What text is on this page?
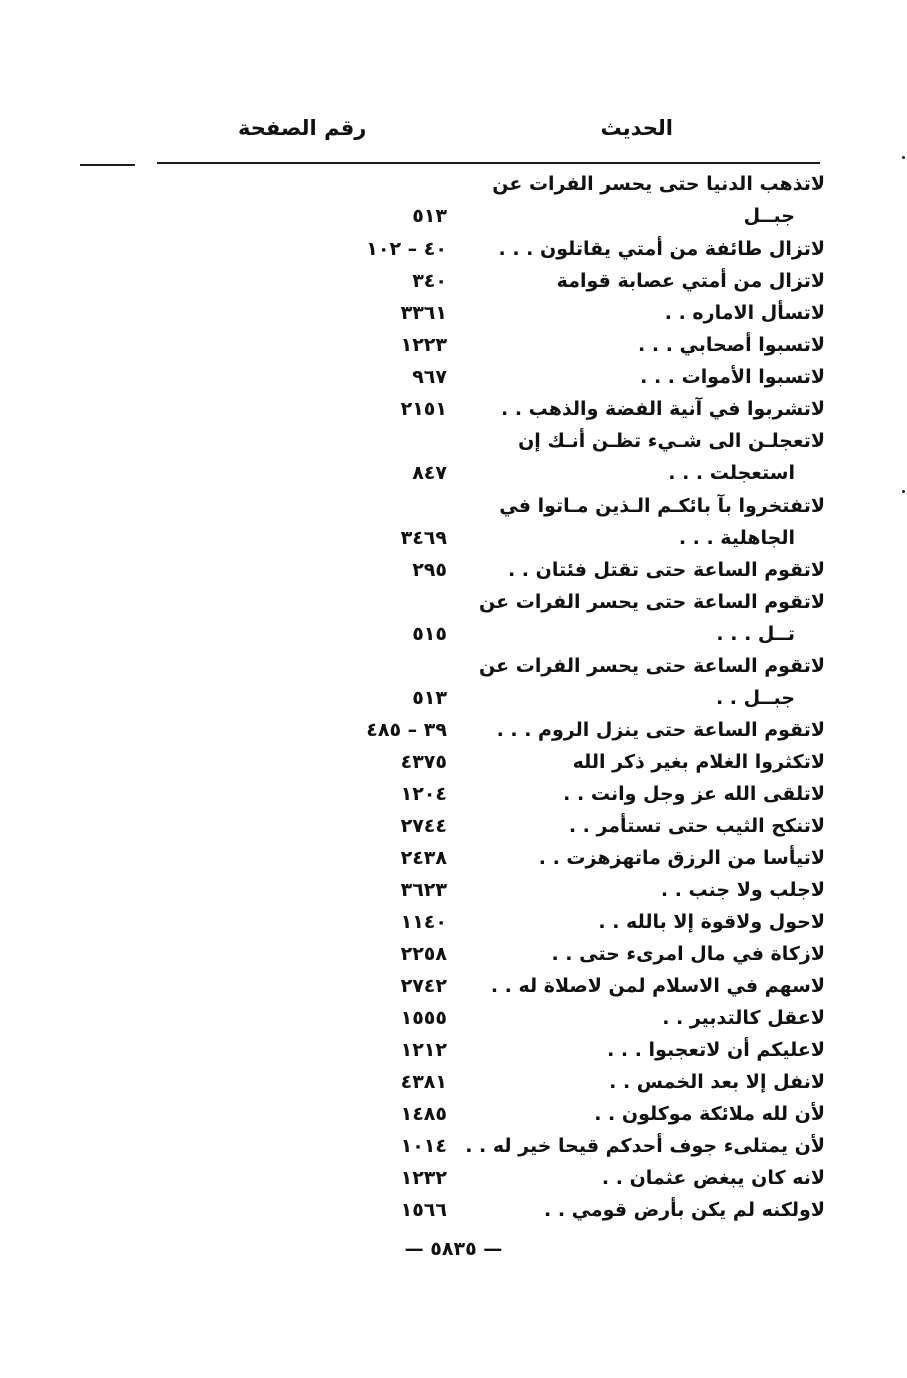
الحديث
رقم الصفحة
لاتذهب الدنيا حتى يحسر الفرات عن
جبــل
٥١٣
لاتزال طائفة من أمتي يقاتلون . . .
٤٠ – ١٠٢
لاتزال من أمتي عصابة قوامة
٣٤٠
لاتسأل الاماره . .
٣٣٦١
لاتسبوا أصحابي . . .
١٢٢٣
لاتسبوا الأموات . . .
٩٦٧
لاتشربوا في آنية الفضة والذهب . .
٢١٥١
لاتعجلـن الى شـيء تظـن أنـك إن
استعجلت . . .
٨٤٧
لاتفتخروا بآ بائكـم الـذين مـاتوا في
الجاهلية . . .
٣٤٦٩
لاتقوم الساعة حتى تقتل فئتان . .
٢٩٥
لاتقوم الساعة حتى يحسر الفرات عن
تــل . . .
٥١٥
لاتقوم الساعة حتى يحسر الفرات عن
جبــل . .
٥١٣
لاتقوم الساعة حتى ينزل الروم . . .
٣٩ – ٤٨٥
لاتكثروا الغلام بغير ذكر الله
٤٣٧٥
لاتلقى الله عز وجل وانت . .
١٢٠٤
لاتنكح الثيب حتى تستأمر . .
٢٧٤٤
لاتيأسا من الرزق ماتهزهزت . .
٢٤٣٨
لاجلب ولا جنب . .
٣٦٢٣
لاحول ولاقوة إلا بالله . .
١١٤٠
لازكاة في مال امرىء حتى . .
٢٢٥٨
لاسهم في الاسلام لمن لاصلاة له . .
٢٧٤٢
لاعقل كالتدبير . .
١٥٥٥
لاعليكم أن لاتعجبوا . . .
١٢١٢
لانفل إلا بعد الخمس . .
٤٣٨١
لأن لله ملائكة موكلون . .
١٤٨٥
لأن يمتلىء جوف أحدكم قيحا خير له . .
١٠١٤
لانه كان يبغض عثمان . .
١٢٣٢
لاولكنه لم يكن بأرض قومي . .
١٥٦٦
— ٥٨٣٥ —
